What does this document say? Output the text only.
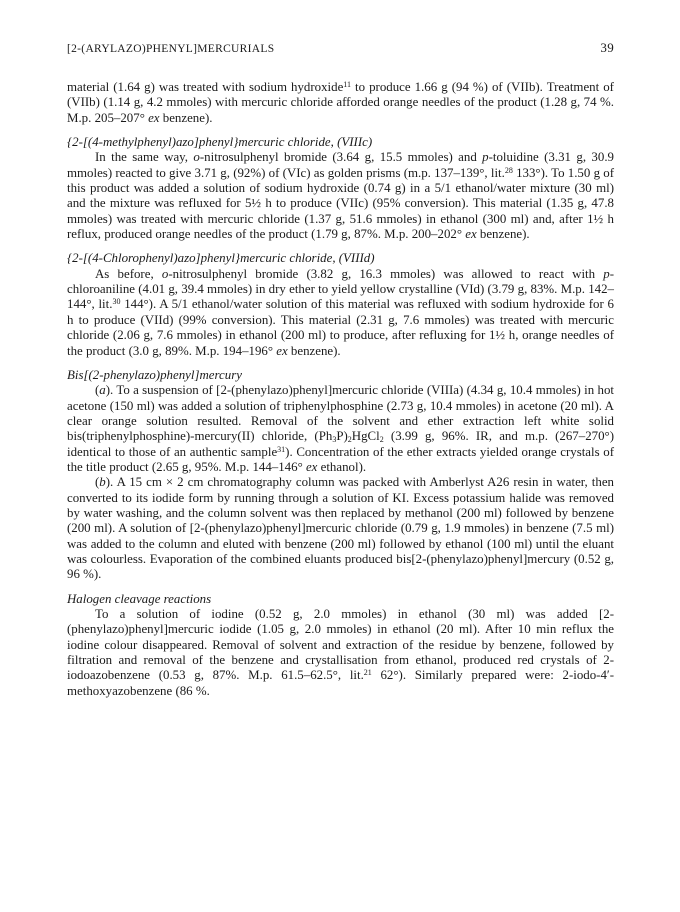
[2-(ARYLAZO)PHENYL]MERCURIALS	39

material (1.64 g) was treated with sodium hydroxide$^{11}$ to produce 1.66 g (94 %) of (VIIb). Treatment of (VIIb) (1.14 g, 4.2 mmoles) with mercuric chloride afforded orange needles of the product (1.28 g, 74 %. M.p. 205–207° ex benzene).

{2-[(4-methylphenyl)azo]phenyl}mercuric chloride, (VIIIc)

In the same way, o-nitrosulphenyl bromide (3.64 g, 15.5 mmoles) and p-toluidine (3.31 g, 30.9 mmoles) reacted to give 3.71 g, (92%) of (VIc) as golden prisms (m.p. 137–139°, lit.$^{28}$ 133°). To 1.50 g of this product was added a solution of sodium hydroxide (0.74 g) in a 5/1 ethanol/water mixture (30 ml) and the mixture was refluxed for 5½ h to produce (VIIc) (95% conversion). This material (1.35 g, 47.8 mmoles) was treated with mercuric chloride (1.37 g, 51.6 mmoles) in ethanol (300 ml) and, after 1½ h reflux, produced orange needles of the product (1.79 g, 87%. M.p. 200–202° ex benzene).

{2-[(4-Chlorophenyl)azo]phenyl}mercuric chloride, (VIIId)

As before, o-nitrosulphenyl bromide (3.82 g, 16.3 mmoles) was allowed to react with p-chloroaniline (4.01 g, 39.4 mmoles) in dry ether to yield yellow crystalline (VId) (3.79 g, 83%. M.p. 142–144°, lit.$^{30}$ 144°). A 5/1 ethanol/water solution of this material was refluxed with sodium hydroxide for 6 h to produce (VIId) (99% conversion). This material (2.31 g, 7.6 mmoles) was treated with mercuric chloride (2.06 g, 7.6 mmoles) in ethanol (200 ml) to produce, after refluxing for 1½ h, orange needles of the product (3.0 g, 89%. M.p. 194–196° ex benzene).

Bis[(2-phenylazo)phenyl]mercury

(a). To a suspension of [2-(phenylazo)phenyl]mercuric chloride (VIIIa) (4.34 g, 10.4 mmoles) in hot acetone (150 ml) was added a solution of triphenylphosphine (2.73 g, 10.4 mmoles) in acetone (20 ml). A clear orange solution resulted. Removal of the solvent and ether extraction left white solid bis(triphenylphosphine)-mercury(II) chloride, $(Ph_3P)_2HgCl_2$ (3.99 g, 96%. IR, and m.p. (267–270°) identical to those of an authentic sample$^{31}$). Concentration of the ether extracts yielded orange crystals of the title product (2.65 g, 95%. M.p. 144–146° ex ethanol).

(b). A 15 cm × 2 cm chromatography column was packed with Amberlyst A26 resin in water, then converted to its iodide form by running through a solution of KI. Excess potassium halide was removed by water washing, and the column solvent was then replaced by methanol (200 ml) followed by benzene (200 ml). A solution of [2-(phenylazo)phenyl]mercuric chloride (0.79 g, 1.9 mmoles) in benzene (7.5 ml) was added to the column and eluted with benzene (200 ml) followed by ethanol (100 ml) until the eluant was colourless. Evaporation of the combined eluants produced bis[2-(phenylazo)phenyl]mercury (0.52 g, 96 %).

Halogen cleavage reactions

To a solution of iodine (0.52 g, 2.0 mmoles) in ethanol (30 ml) was added [2-(phenylazo)phenyl]mercuric iodide (1.05 g, 2.0 mmoles) in ethanol (20 ml). After 10 min reflux the iodine colour disappeared. Removal of solvent and extraction of the residue by benzene, followed by filtration and removal of the benzene and crystallisation from ethanol, produced red crystals of 2-iodoazobenzene (0.53 g, 87%. M.p. 61.5–62.5°, lit.$^{21}$ 62°). Similarly prepared were: 2-iodo-4′-methoxyazobenzene (86 %.
